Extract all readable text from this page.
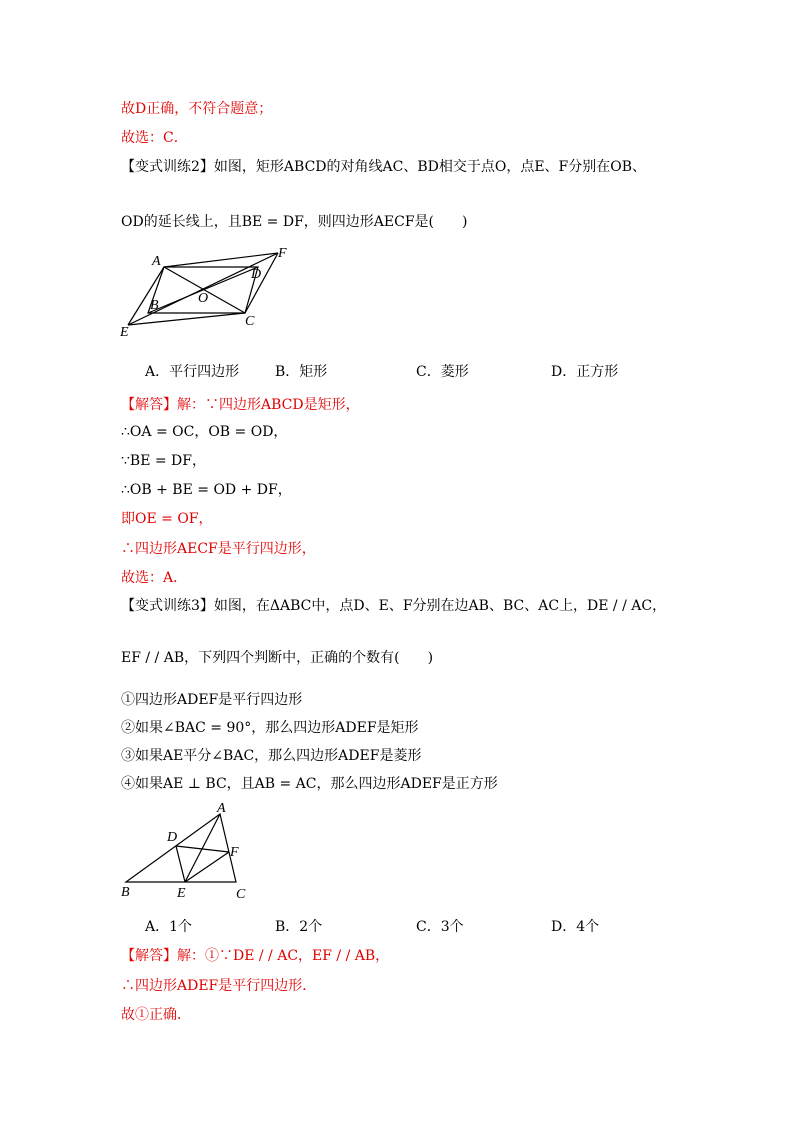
故D正确，不符合题意；
故选：C．
【变式训练2】如图，矩形ABCD的对角线AC、BD相交于点O，点E、F分别在OB、
OD的延长线上，且BE = DF，则四边形AECF是(　　)
A
B
C
D
E
F
O
A．平行四边形	B．矩形	C．菱形	D．正方形
【解答】解：∵四边形ABCD是矩形，
∴OA = OC，OB = OD，
∵BE = DF，
∴OB + BE = OD + DF，
即OE = OF，
∴四边形AECF是平行四边形，
故选：A．
【变式训练3】如图，在ΔABC中，点D、E、F分别在边AB、BC、AC上，DE / / AC，
EF / / AB，下列四个判断中，正确的个数有(　　)
①四边形ADEF是平行四边形
②如果∠BAC = 90°，那么四边形ADEF是矩形
③如果AE平分∠BAC，那么四边形ADEF是菱形
④如果AE ⊥ BC，且AB = AC，那么四边形ADEF是正方形
A
B	C
D
E
F
A．1个	B．2个	C．3个	D．4个
【解答】解：①∵DE / / AC，EF / / AB，
∴四边形ADEF是平行四边形．
故①正确．
